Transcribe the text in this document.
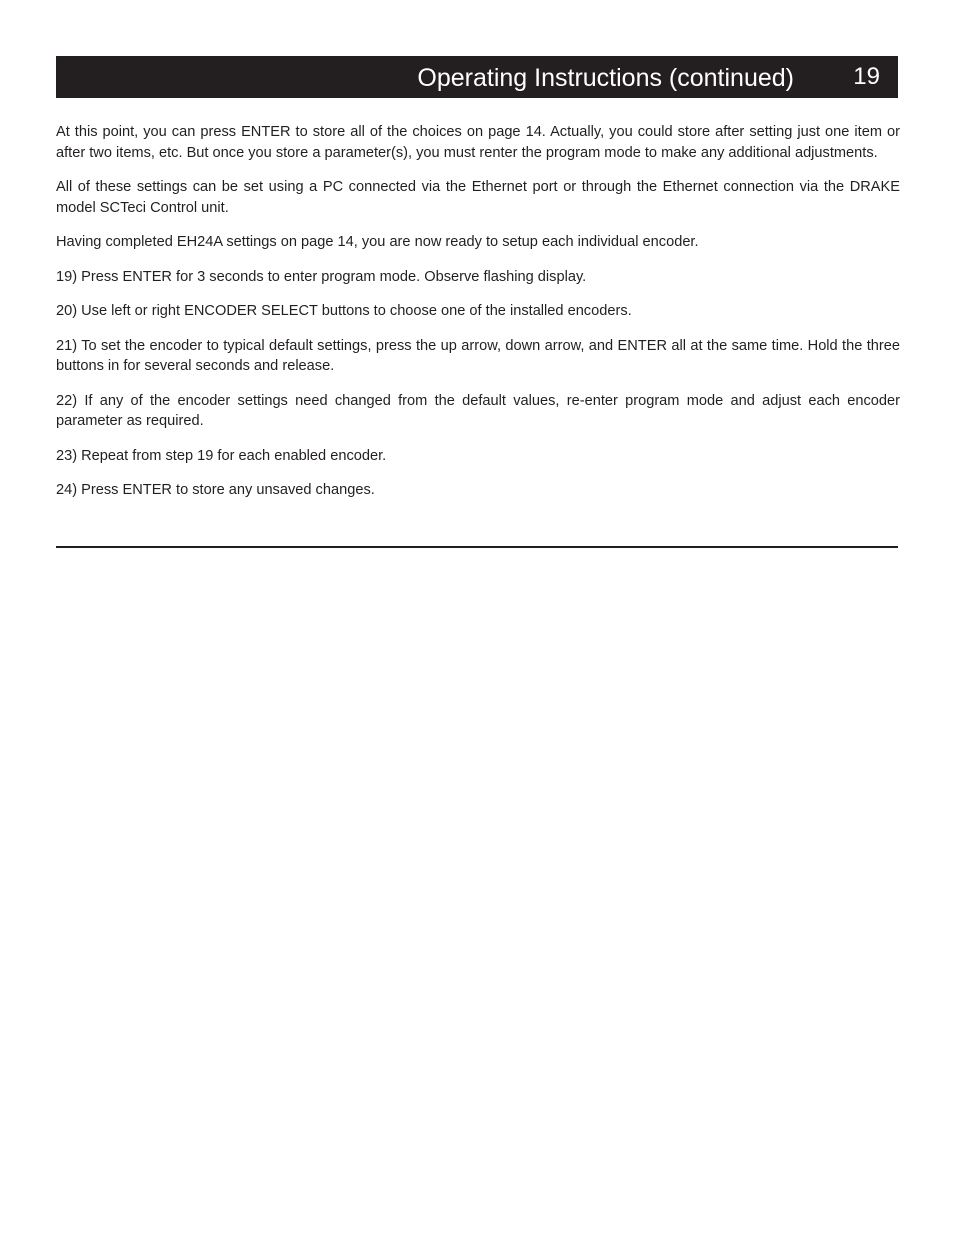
Operating Instructions (continued) 19

At this point, you can press ENTER to store all of the choices on page 14. Actually, you could store after setting just one item or after two items, etc. But once you store a parameter(s), you must renter the program mode to make any additional adjustments.

All of these settings can be set using a PC connected via the Ethernet port or through the Ethernet connection via the DRAKE model SCTeci Control unit.

Having completed EH24A settings on page 14, you are now ready to setup each individual encoder.

19) Press ENTER for 3 seconds to enter program mode. Observe flashing display.

20) Use left or right ENCODER SELECT buttons to choose one of the installed encoders.

21) To set the encoder to typical default settings, press the up arrow, down arrow, and ENTER all at the same time. Hold the three buttons in for several seconds and release.

22) If any of the encoder settings need changed from the default values, re-enter program mode and adjust each encoder parameter as required.

23) Repeat from step 19 for each enabled encoder.

24) Press ENTER to store any unsaved changes.
